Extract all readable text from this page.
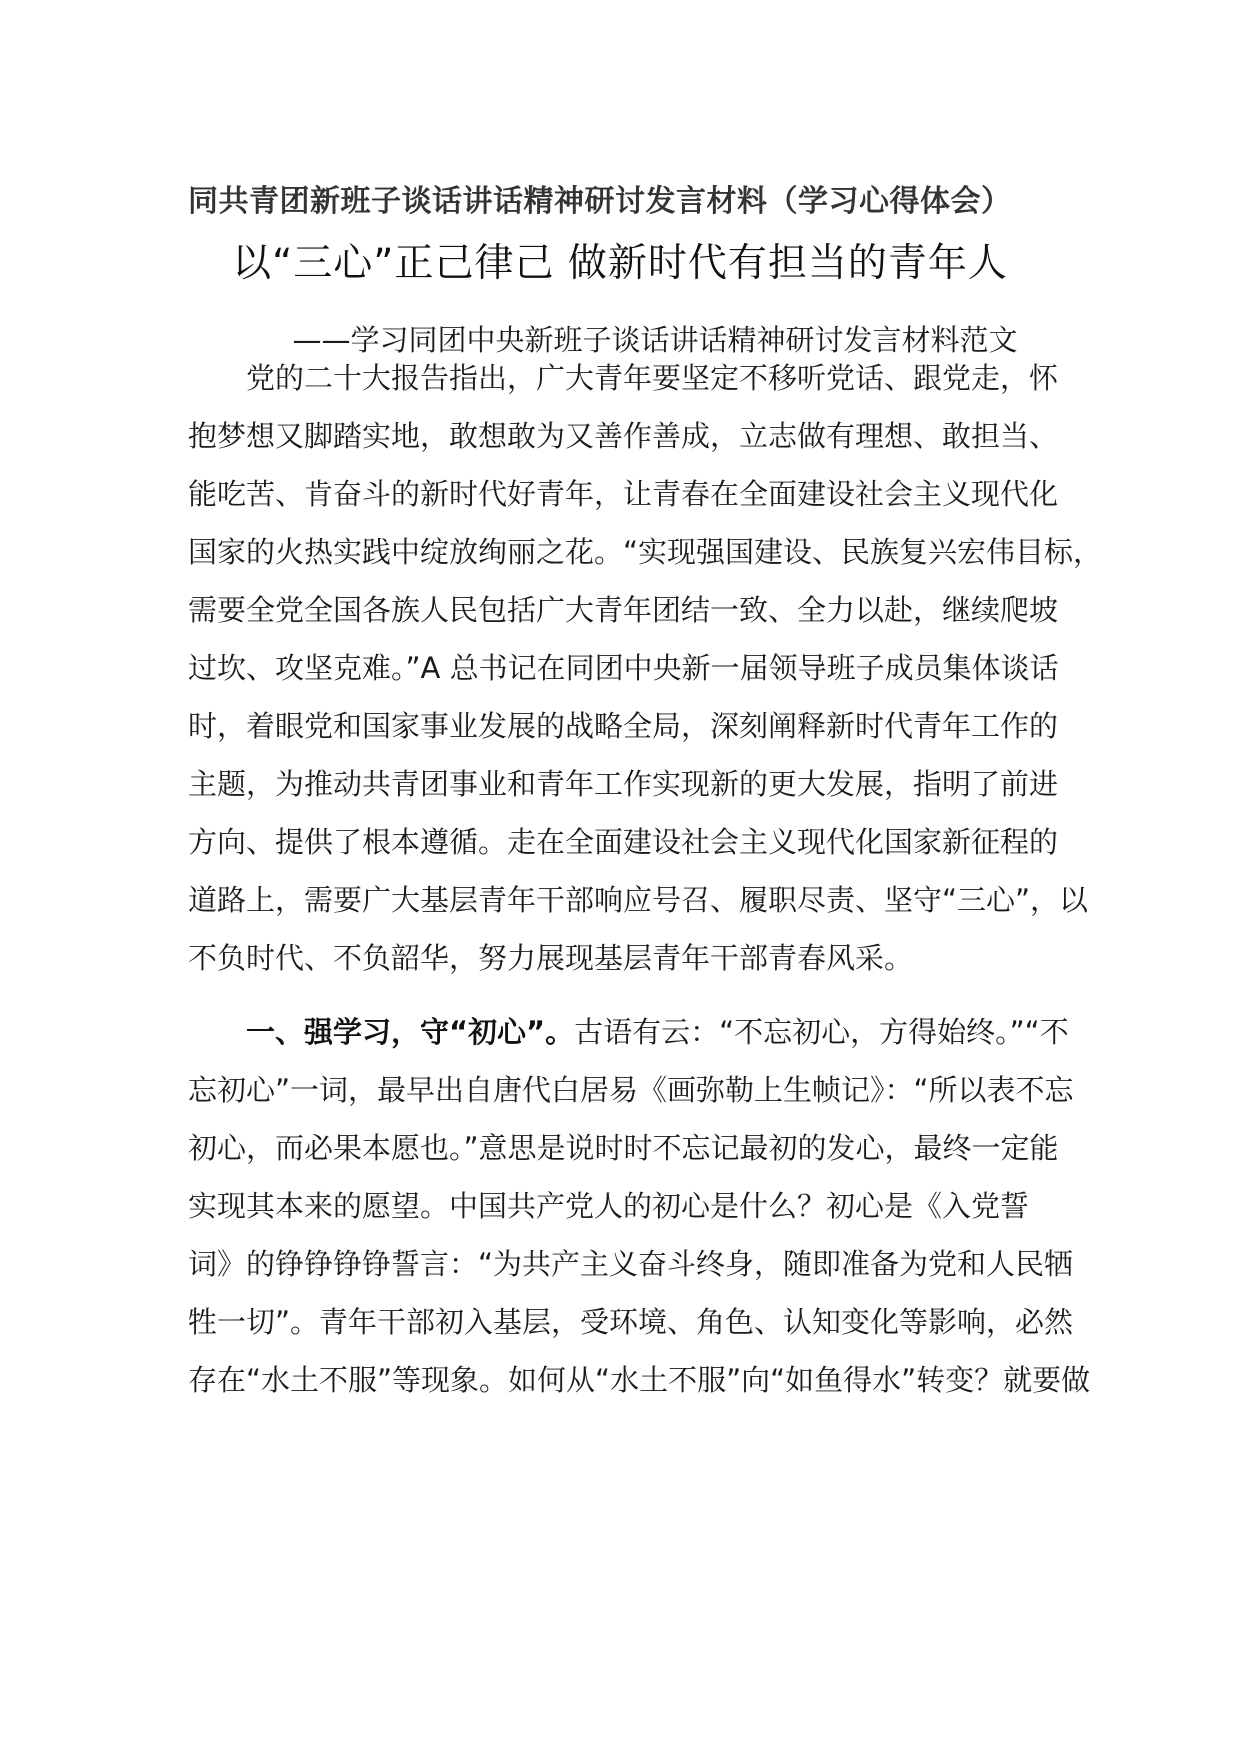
同共青团新班子谈话讲话精神研讨发言材料（学习心得体会）
以“三心”正己律己 做新时代有担当的青年人
——学习同团中央新班子谈话讲话精神研讨发言材料范文
党的二十大报告指出，广大青年要坚定不移听党话、跟党走，怀
抱梦想又脚踏实地，敢想敢为又善作善成，立志做有理想、敢担当、
能吃苦、肯奋斗的新时代好青年，让青春在全面建设社会主义现代化
国家的火热实践中绽放绚丽之花。“实现强国建设、民族复兴宏伟目标，
需要全党全国各族人民包括广大青年团结一致、全力以赴，继续爬坡
过坎、攻坚克难。”A 总书记在同团中央新一届领导班子成员集体谈话
时，着眼党和国家事业发展的战略全局，深刻阐释新时代青年工作的
主题，为推动共青团事业和青年工作实现新的更大发展，指明了前进
方向、提供了根本遵循。走在全面建设社会主义现代化国家新征程的
道路上，需要广大基层青年干部响应号召、履职尽责、坚守“三心”，以
不负时代、不负韶华，努力展现基层青年干部青春风采。
一、强学习，守“初心”。古语有云：“不忘初心，方得始终。”“不
忘初心”一词，最早出自唐代白居易《画弥勒上生帧记》：“所以表不忘
初心，而必果本愿也。”意思是说时时不忘记最初的发心，最终一定能
实现其本来的愿望。中国共产党人的初心是什么？初心是《入党誓
词》的铮铮铮铮誓言：“为共产主义奋斗终身，随即准备为党和人民牺
牲一切”。青年干部初入基层，受环境、角色、认知变化等影响，必然
存在“水土不服”等现象。如何从“水土不服”向“如鱼得水”转变？就要做
